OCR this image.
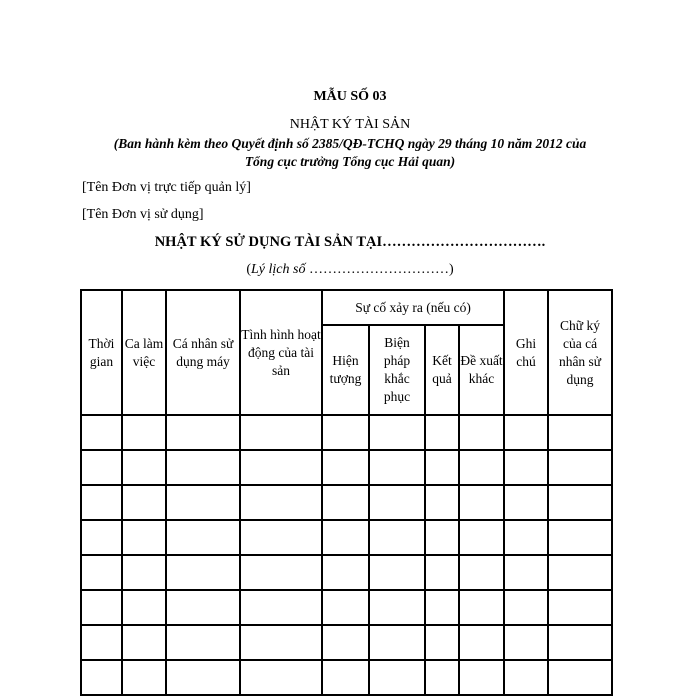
MẪU SỐ 03
NHẬT KÝ TÀI SẢN
(Ban hành kèm theo Quyết định số 2385/QĐ-TCHQ ngày 29 tháng 10 năm 2012 của
Tổng cục trưởng Tổng cục Hải quan)
[Tên Đơn vị trực tiếp quản lý]
[Tên Đơn vị sử dụng]
NHẬT KÝ SỬ DỤNG TÀI SẢN TẠI…………………………….
(Lý lịch số …………………………)
Thời gian	Ca làm việc	Cá nhân sử dụng máy	Tình hình hoạt động của tài sản	Sự cố xảy ra (nếu có)				Ghi chú	Chữ ký của cá nhân sử dụng
				Hiện tượng	Biện pháp khắc phục	Kết quả	Đề xuất khác		
